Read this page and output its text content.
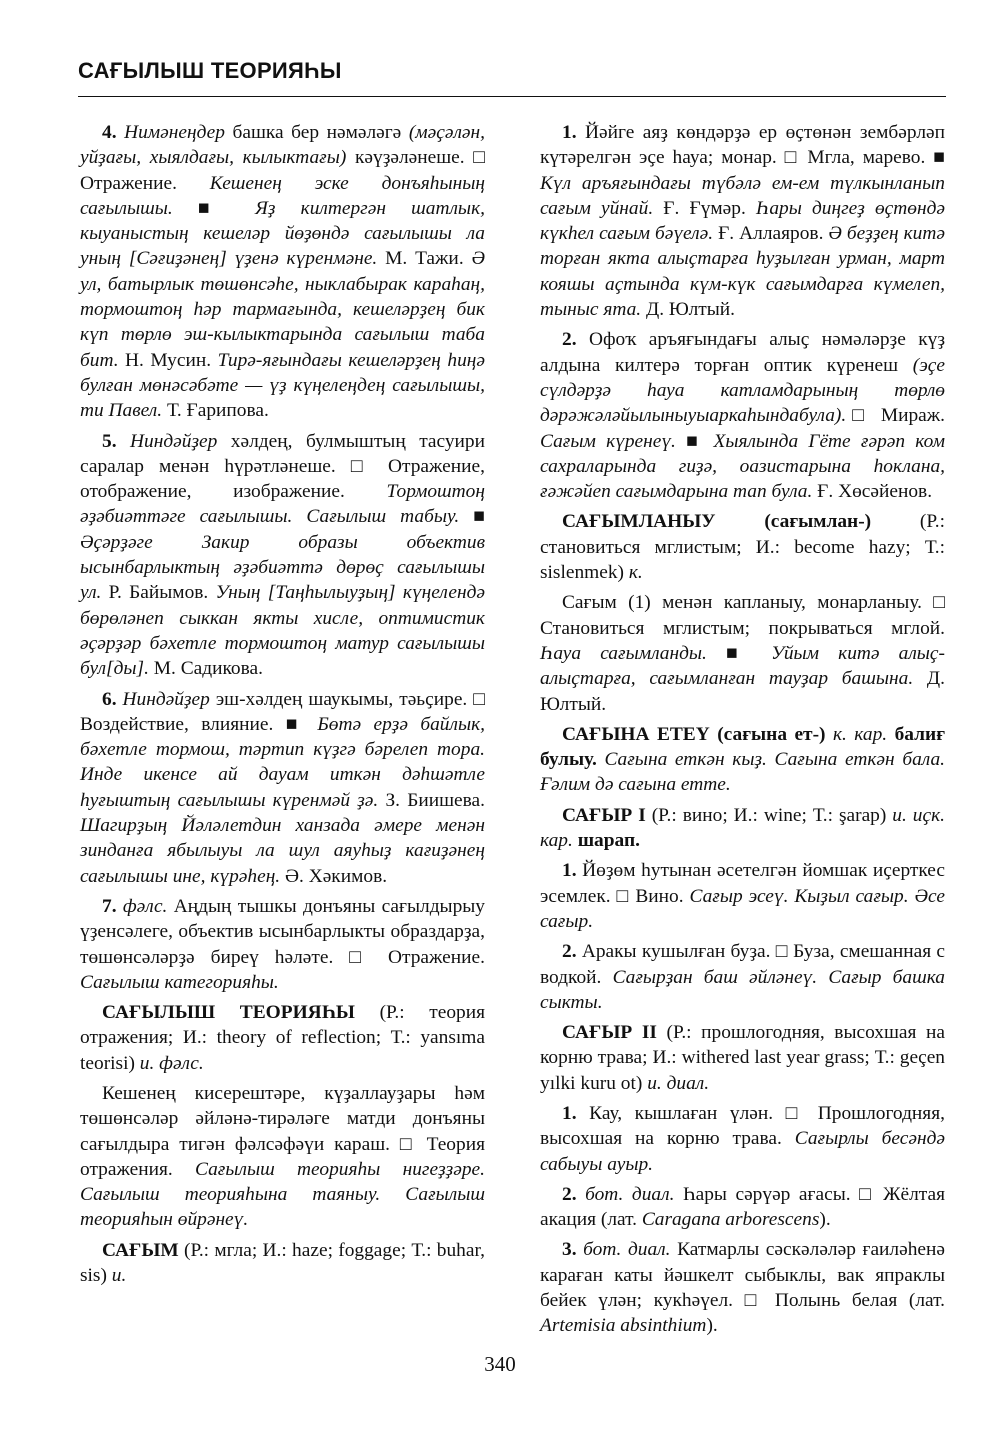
САҒЫЛЫШ ТЕОРИЯҺЫ

4. Нимәнеңдер башка бер нәмәләгә (мәҫәлән, уйҙағы, хыялдағы, кылыктағы) кәүҙәләнеше. □ Отражение. Кешенең эске донъяһының сағылышы. ■ Яҙ килтергән шатлык, кыуаныстың кешеләр йөҙөндә сағылышы ла уның [Сәғиҙәнең] үҙенә күренмәне. М. Тажи. Ә ул, батырлык төшөнсәһе, ныклабырак караһаң, тормоштоң һәр тармағында, кешеләрҙең бик күп төрлө эш-кылыктарында сағылыш таба бит. Н. Мусин. Тирә-яғындағы кешеләрҙең һиңә булған мөнәсәбәте — үҙ күңелеңдең сағылышы, ти Павел. Т. Ғарипова.

5. Ниндәйҙер хәлдең, булмыштың тасуири саралар менән һүрәтләнеше. □ Отражение, отображение, изображение. Тормоштоң әҙәбиәттәге сағылышы. Сағылыш табыу. ■ Әҫәрҙәге Закир образы объектив ысынбарлыктың әҙәбиәттә дөрөҫ сағылышы ул. Р. Байымов. Уның [Таңһылыуҙың] күңелендә бөрөләнеп сыккан якты хисле, оптимистик әҫәрҙәр бәхетле тормоштоң матур сағылышы бул[ды]. М. Садикова.

6. Ниндәйҙер эш-хәлдең шаукымы, тәьҫире. □ Воздействие, влияние. ■ Бөтә ерҙә байлык, бәхетле тормош, тәртип күҙгә бәрелеп тора. Инде икенсе ай дауам иткән дәһшәтле һуғыштың сағылышы күренмәй ҙә. З. Биишева. Шагирҙың Йәләлетдин ханзада әмере менән зинданға ябылыуы ла шул аяуһыҙ кағиҙәнең сағылышы ине, күрәһең. Ә. Хәкимов.

7. фәлс. Аңдың тышкы донъяны сағылдырыу үҙенсәлеге, объектив ысынбарлыкты образдарҙа, төшөнсәләрҙә биреү һәләте. □ Отражение. Сағылыш категорияһы.

САҒЫЛЫШ ТЕОРИЯҺЫ (Р.: теория отражения; И.: theory of reflection; Т.: yansıma teorisi) и. фәлс.

Кешенең кисерештәре, күҙаллауҙары һәм төшөнсәләр әйләнә-тирәләге матди донъяны сағылдыра тигән фәлсәфәүи караш. □ Теория отражения. Сағылыш теорияһы нигеҙҙәре. Сағылыш теорияһына таяныу. Сағылыш теорияһын өйрәнеү.

САҒЫМ (Р.: мгла; И.: haze; foggage; Т.: buhar, sis) и.

1. Йәйге аяҙ көндәрҙә ер өҫтөнән зембәрләп күтәрелгән эҫе һауа; монар. □ Мгла, марево. ■ Күл аръяғындағы түбәлә ем-ем түлкынланып сағым уйнай. Ғ. Ғүмәр. Һары диңгеҙ өҫтөндә күкһел сағым бәүелә. Ғ. Аллаяров. Ә беҙҙең китә торған якта алыҫтарға һуҙылған урман, март кояшы аҫтында күм-күк сағымдарға күмелеп, тыныс ята. Д. Юлтый.

2. Офоҡ аръяғындағы алыҫ нәмәләрҙе күҙ алдына килтерә торған оптик күренеш (эҫе сүлдәрҙә һауа катламдарының төрлө дәрәжәләйылыныуыаркаһындабула).□ Мираж. Сағым күренеү. ■ Хыялында Гёте ғәрәп ком сахраларында гиҙә, оазистарына һоклана, ғәжәйеп сағымдарына тап була. Ғ. Хөсәйенов.

САҒЫМЛАНЫУ	(сағымлан-) (Р.: становиться мглистым; И.: become hazy; Т.: sislenmek) к.

Сағым (1) менән капланыу, монарланыу. □ Становиться мглистым; покрываться мглой. Һауа сағымланды. ■ Уйым китә алыҫ-алыҫтарға, сағымланған тауҙар башына. Д. Юлтый.

САҒЫНА ЕТЕҮ (сағына ет-) к. кар. балиғ булыу. Сағына еткән кыҙ. Сағына еткән бала. Ғәлим дә сағына етте.

САҒЫР I (Р.: вино; И.: wine; Т.: şarap) и. иҫк. кар. шарап.

1. Йөҙөм һутынан әсетелгән йомшак иҫерткес эсемлек. □ Вино. Сағыр эсеү. Кыҙыл сағыр. Әсе сағыр.

2. Аракы кушылған буҙа. □ Буза, смешанная с водкой. Сағырҙан баш әйләнеү. Сағыр башка сыкты.

САҒЫР II (Р.: прошлогодняя, высохшая на корню трава; И.: withered last year grass; Т.: geçen yılki kuru ot) и. диал.

1. Кау, кышлаған үлән. □ Прошлогодняя, высохшая на корню трава. Сағырлы бесәндә сабыуы ауыр.

2. бот. диал. Һары сәрүәр ағасы. □ Жёлтая акация (лат. Caragana arborescens).

3. бот. диал. Катмарлы сәскәләләр ғаиләһенә караған каты йәшкелт сыбыклы, вак япраклы бейек үлән; кукһәүел. □ Полынь белая (лат. Artemisia absinthium).

340
